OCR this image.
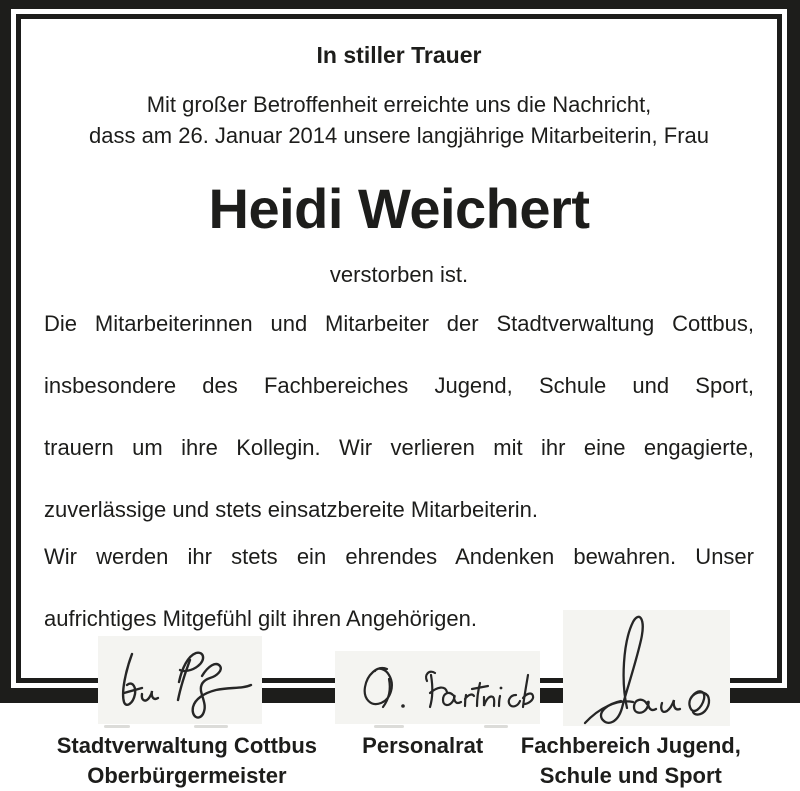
In stiller Trauer
Mit großer Betroffenheit erreichte uns die Nachricht,
dass am 26. Januar 2014 unsere langjährige Mitarbeiterin, Frau
Heidi Weichert
verstorben ist.
Die Mitarbeiterinnen und Mitarbeiter der Stadtverwaltung Cottbus,
insbesondere des Fachbereiches Jugend, Schule und Sport,
trauern um ihre Kollegin. Wir verlieren mit ihr eine engagierte,
zuverlässige und stets einsatzbereite Mitarbeiterin.
Wir werden ihr stets ein ehrendes Andenken bewahren. Unser
aufrichtiges Mitgefühl gilt ihren Angehörigen.
Stadtverwaltung Cottbus
Oberbürgermeister
Personalrat	Fachbereich Jugend,
Schule und Sport
